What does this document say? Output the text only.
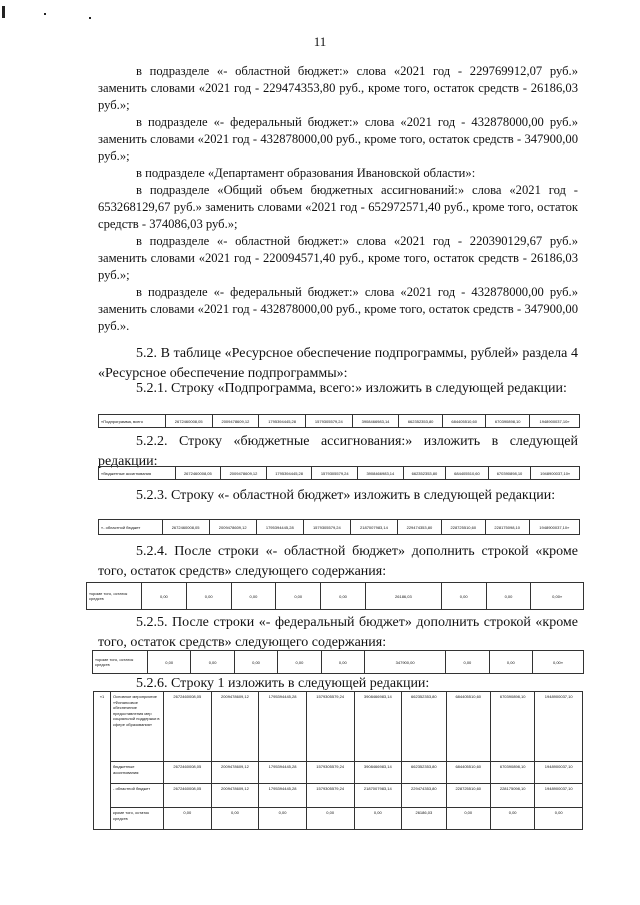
11

в подразделе «- областной бюджет:» слова «2021 год - 229769912,07 руб.» заменить словами «2021 год - 229474353,80 руб., кроме того, остаток средств - 26186,03 руб.»;

в подразделе «- федеральный бюджет:» слова «2021 год - 432878000,00 руб.» заменить словами «2021 год - 432878000,00 руб., кроме того, остаток средств - 347900,00 руб.»;

в подразделе «Департамент образования Ивановской области»:

в подразделе «Общий объем бюджетных ассигнований:» слова «2021 год - 653268129,67 руб.» заменить словами «2021 год - 652972571,40 руб., кроме того, остаток средств - 374086,03 руб.»;

в подразделе «- областной бюджет:» слова «2021 год - 220390129,67 руб.» заменить словами «2021 год - 220094571,40 руб., кроме того, остаток средств - 26186,03 руб.»;

в подразделе «- федеральный бюджет:» слова «2021 год - 432878000,00 руб.» заменить словами «2021 год - 432878000,00 руб., кроме того, остаток средств - 347900,00 руб.».

5.2. В таблице «Ресурсное обеспечение подпрограммы, рублей» раздела 4 «Ресурсное обеспечение подпрограммы»:

5.2.1. Строку «Подпрограмма, всего:» изложить в следующей редакции:

«Подпрограмма, всего	2672460008,05	2009478609,12	1795394445,28	1579305579,24	3908466983,14	662352353,80	684405510,60	670390898,10	1948900037,10»

5.2.2. Строку «бюджетные ассигнования:» изложить в следующей редакции:

«бюджетные ассигнования	2672460008,05	2009478609,12	1795394445,28	1579305579,24	3908466983,14	662352353,80	684405510,60	670390898,10	1948900037,10»

5.2.3. Строку «- областной бюджет» изложить в следующей редакции:

«- областной бюджет	2672460008,05	2009478609,12	1795394445,28	1579305579,24	2187007983,14	229474353,80	228725510,60	228175098,10	1948900037,10»

5.2.4. После строки «- областной бюджет» дополнить строкой «кроме того, остаток средств» следующего содержания:

«кроме того, остаток средств	0,00	0,00	0,00	0,00	0,00	26186,03	0,00	0,00	0,00»

5.2.5. После строки «- федеральный бюджет» дополнить строкой «кроме того, остаток средств» следующего содержания:

«кроме того, остаток средств	0,00	0,00	0,00	0,00	0,00	347900,00	0,00	0,00	0,00»

5.2.6. Строку 1 изложить в следующей редакции:

«1	Основное мероприятие «Финансовое обеспечение предоставления мер социальной поддержки в сфере образования»	2672460008,05	2009478609,12	1795394445,28	1579305579,24	3908466983,14	662352353,80	684405510,60	670390898,10	1948900037,10
	бюджетные ассигнования:	2672460008,05	2009478609,12	1795394445,28	1579305579,24	3908466983,14	662352353,80	684405510,60	670390898,10	1948900037,10
	- областной бюджет	2672460008,05	2009478609,12	1795394445,28	1579305579,24	2187007983,14	229474353,80	228725510,60	228175098,10	1948900037,10
	кроме того, остаток средств	0,00	0,00	0,00	0,00	0,00	26186,03	0,00	0,00	0,00
